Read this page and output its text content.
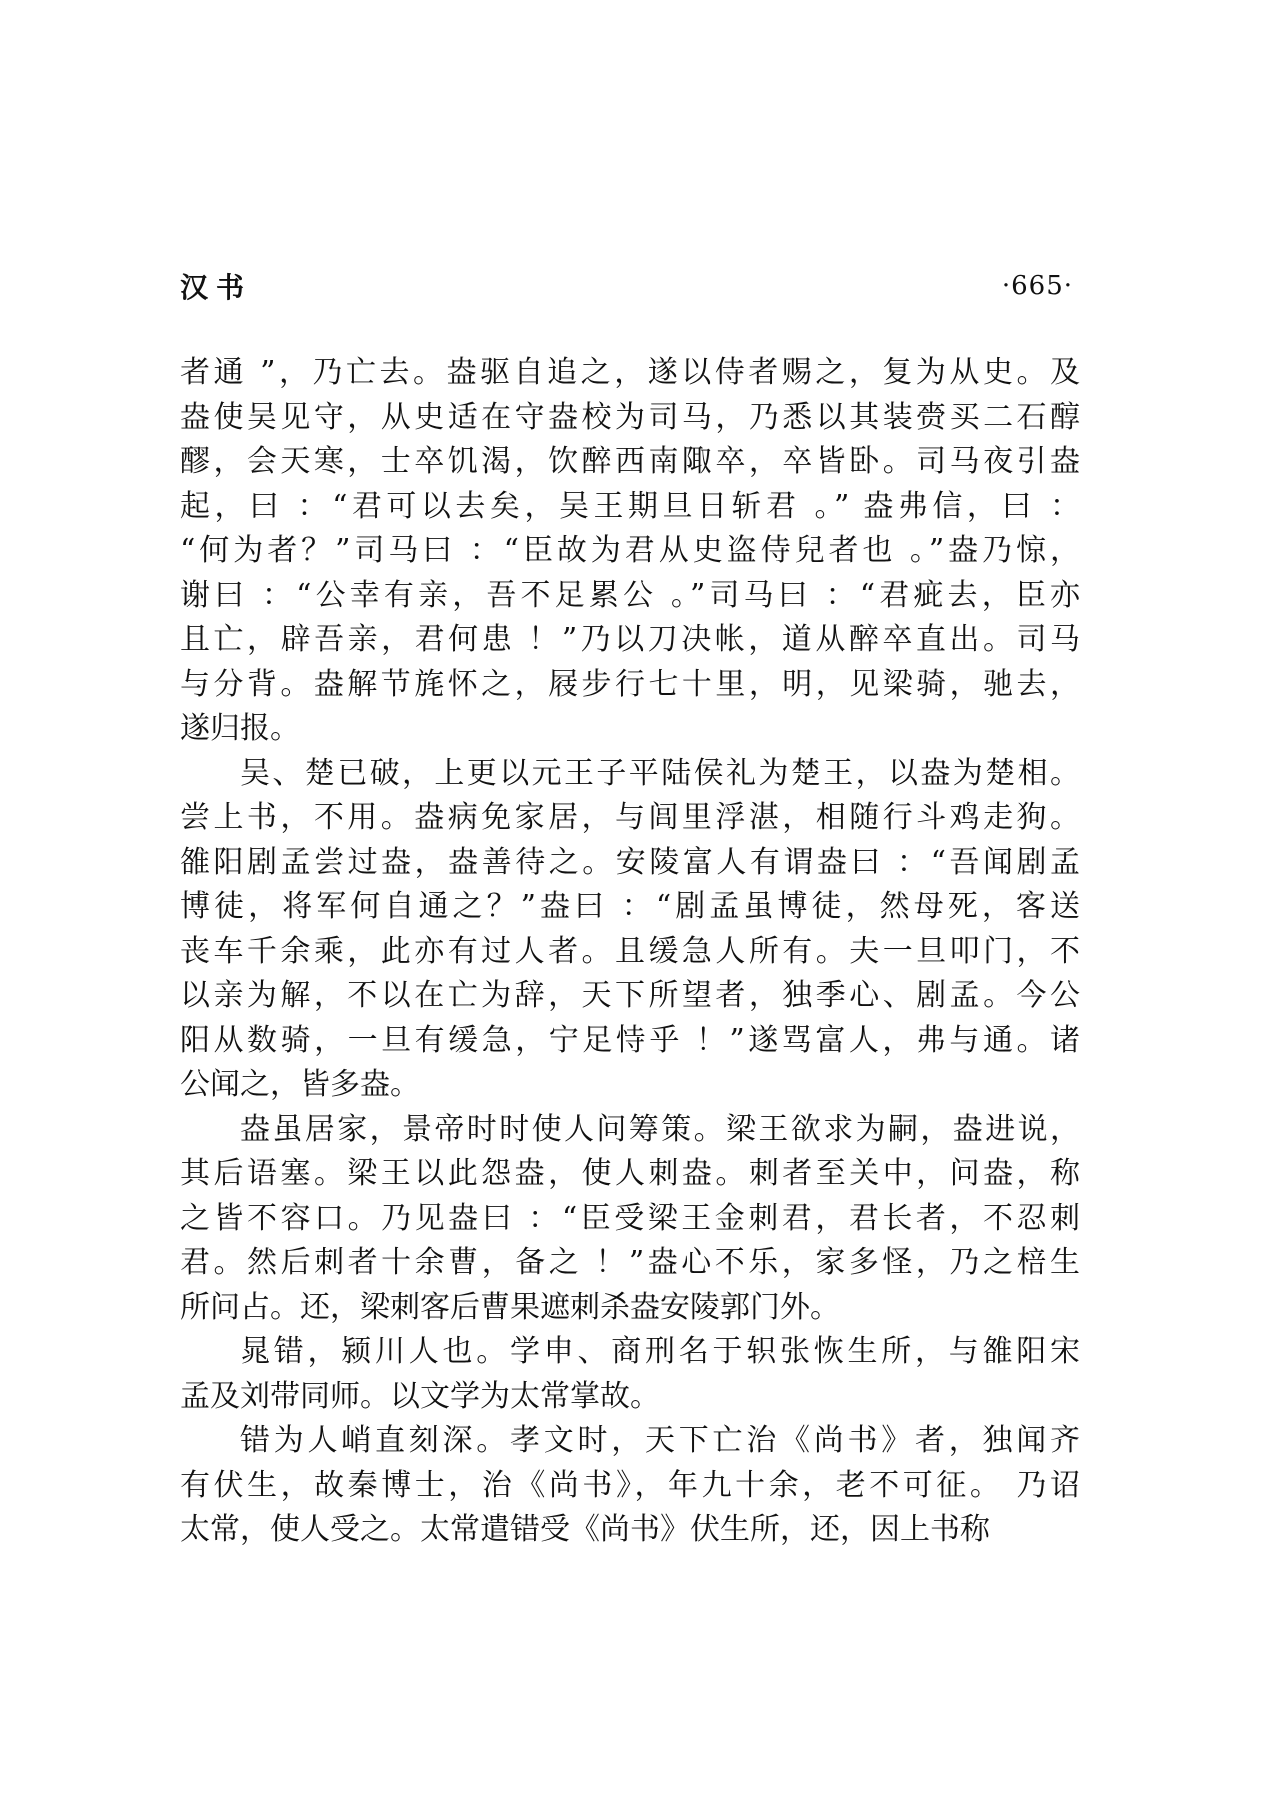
汉书	·665·
者通 ”，乃亡去。盎驱自追之，遂以侍者赐之，复为从史。及
盎使吴见守，从史适在守盎校为司马，乃悉以其装赍买二石醇
醪，会天寒，士卒饥渴，饮醉西南陬卒，卒皆卧。司马夜引盎
起，曰 ：“君可以去矣，吴王期旦日斩君 。” 盎弗信，曰 ：
“何为者？”司马曰 ：“臣故为君从史盗侍兒者也 。”盎乃惊，
谢曰 ：“公幸有亲，吾不足累公 。”司马曰 ：“君疵去，臣亦
且亡，辟吾亲，君何患 ！”乃以刀决帐，道从醉卒直出。司马
与分背。盎解节旄怀之，屐步行七十里，明，见梁骑，驰去，
遂归报。
吴、楚已破，上更以元王子平陆侯礼为楚王，以盎为楚相。
尝上书，不用。盎病免家居，与闾里浮湛，相随行斗鸡走狗。
雒阳剧孟尝过盎，盎善待之。安陵富人有谓盎曰 ：“吾闻剧孟
博徒，将军何自通之？”盎曰 ：“剧孟虽博徒，然母死，客送
丧车千余乘，此亦有过人者。且缓急人所有。夫一旦叩门，不
以亲为解，不以在亡为辞，天下所望者，独季心、剧孟。今公
阳从数骑，一旦有缓急，宁足恃乎 ！”遂骂富人，弗与通。诸
公闻之，皆多盎。
盎虽居家，景帝时时使人问筹策。梁王欲求为嗣，盎进说，
其后语塞。梁王以此怨盎，使人刺盎。刺者至关中，问盎，称
之皆不容口。乃见盎曰 ：“臣受梁王金刺君，君长者，不忍刺
君。然后刺者十余曹，备之 ！”盎心不乐，家多怪，乃之棓生
所问占。还，梁刺客后曹果遮刺杀盎安陵郭门外。
晁错，颍川人也。学申、商刑名于轵张恢生所，与雒阳宋
孟及刘带同师。以文学为太常掌故。
错为人峭直刻深。孝文时，天下亡治《尚书》者，独闻齐
有伏生，故秦博士，治《尚书》，年九十余，老不可征。 乃诏
太常，使人受之。太常遣错受《尚书》伏生所，还，因上书称
